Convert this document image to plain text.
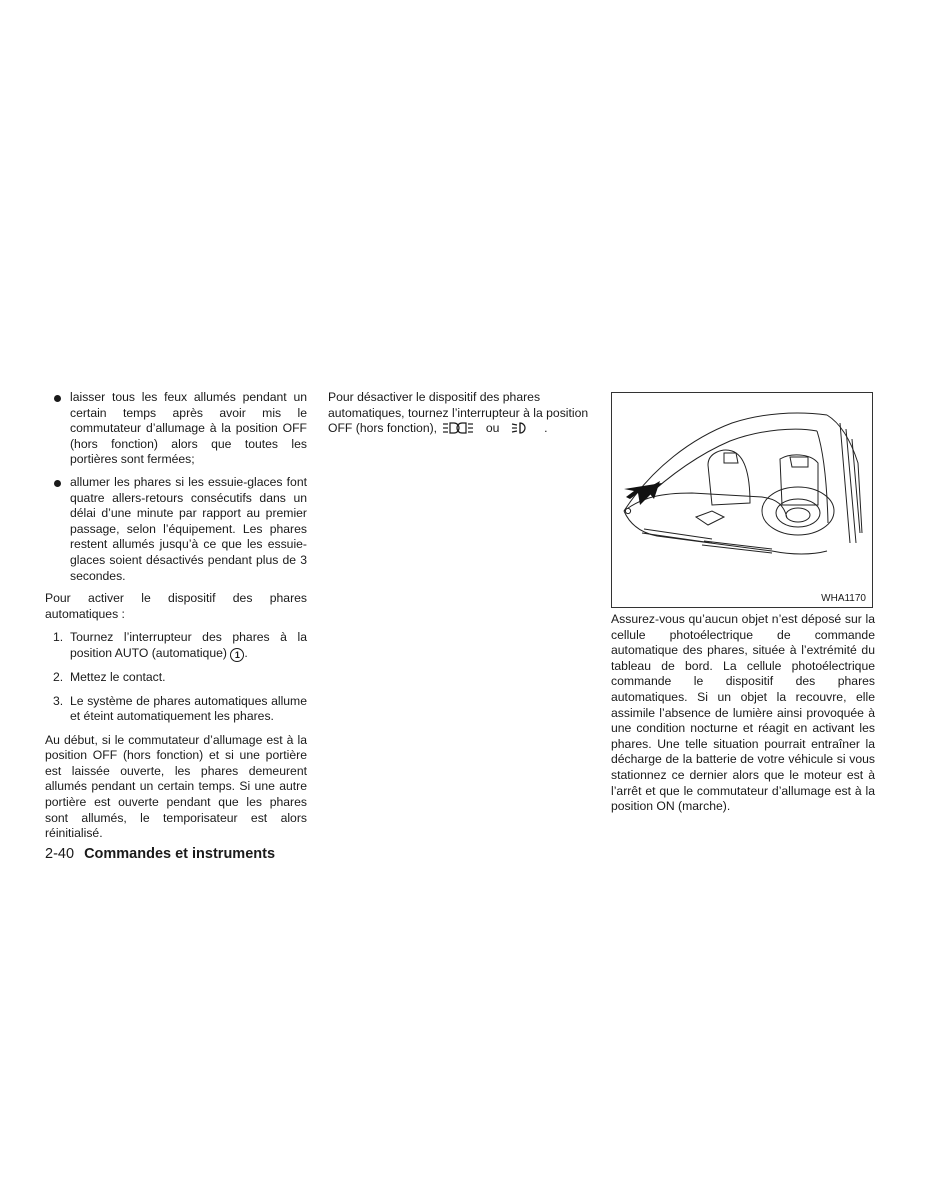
laisser tous les feux allumés pendant un certain temps après avoir mis le commutateur d’allumage à la position OFF (hors fonction) alors que toutes les portières sont fermées;
allumer les phares si les essuie-glaces font quatre allers-retours consécutifs dans un délai d’une minute par rapport au premier passage, selon l’équipement. Les phares restent allumés jusqu’à ce que les essuie-glaces soient désactivés pendant plus de 3 secondes.

Pour activer le dispositif des phares automatiques :

1. Tournez l’interrupteur des phares à la position AUTO (automatique) 1 .
2. Mettez le contact.
3. Le système de phares automatiques allume et éteint automatiquement les phares.

Au début, si le commutateur d’allumage est à la position OFF (hors fonction) et si une portière est laissée ouverte, les phares demeurent allumés pendant un certain temps. Si une autre portière est ouverte pendant que les phares sont allumés, le temporisateur est alors réinitialisé.

Pour désactiver le dispositif des phares automatiques, tournez l’interrupteur à la position OFF (hors fonction),	ou	.

WHA1170

Assurez-vous qu’aucun objet n’est déposé sur la cellule photoélectrique de commande automatique des phares, située à l’extrémité du tableau de bord. La cellule photoélectrique commande le dispositif des phares automatiques. Si un objet la recouvre, elle assimile l’absence de lumière ainsi provoquée à une condition nocturne et réagit en activant les phares. Une telle situation pourrait entraîner la décharge de la batterie de votre véhicule si vous stationnez ce dernier alors que le moteur est à l’arrêt et que le commutateur d’allumage est à la position ON (marche).

2-40 Commandes et instruments
